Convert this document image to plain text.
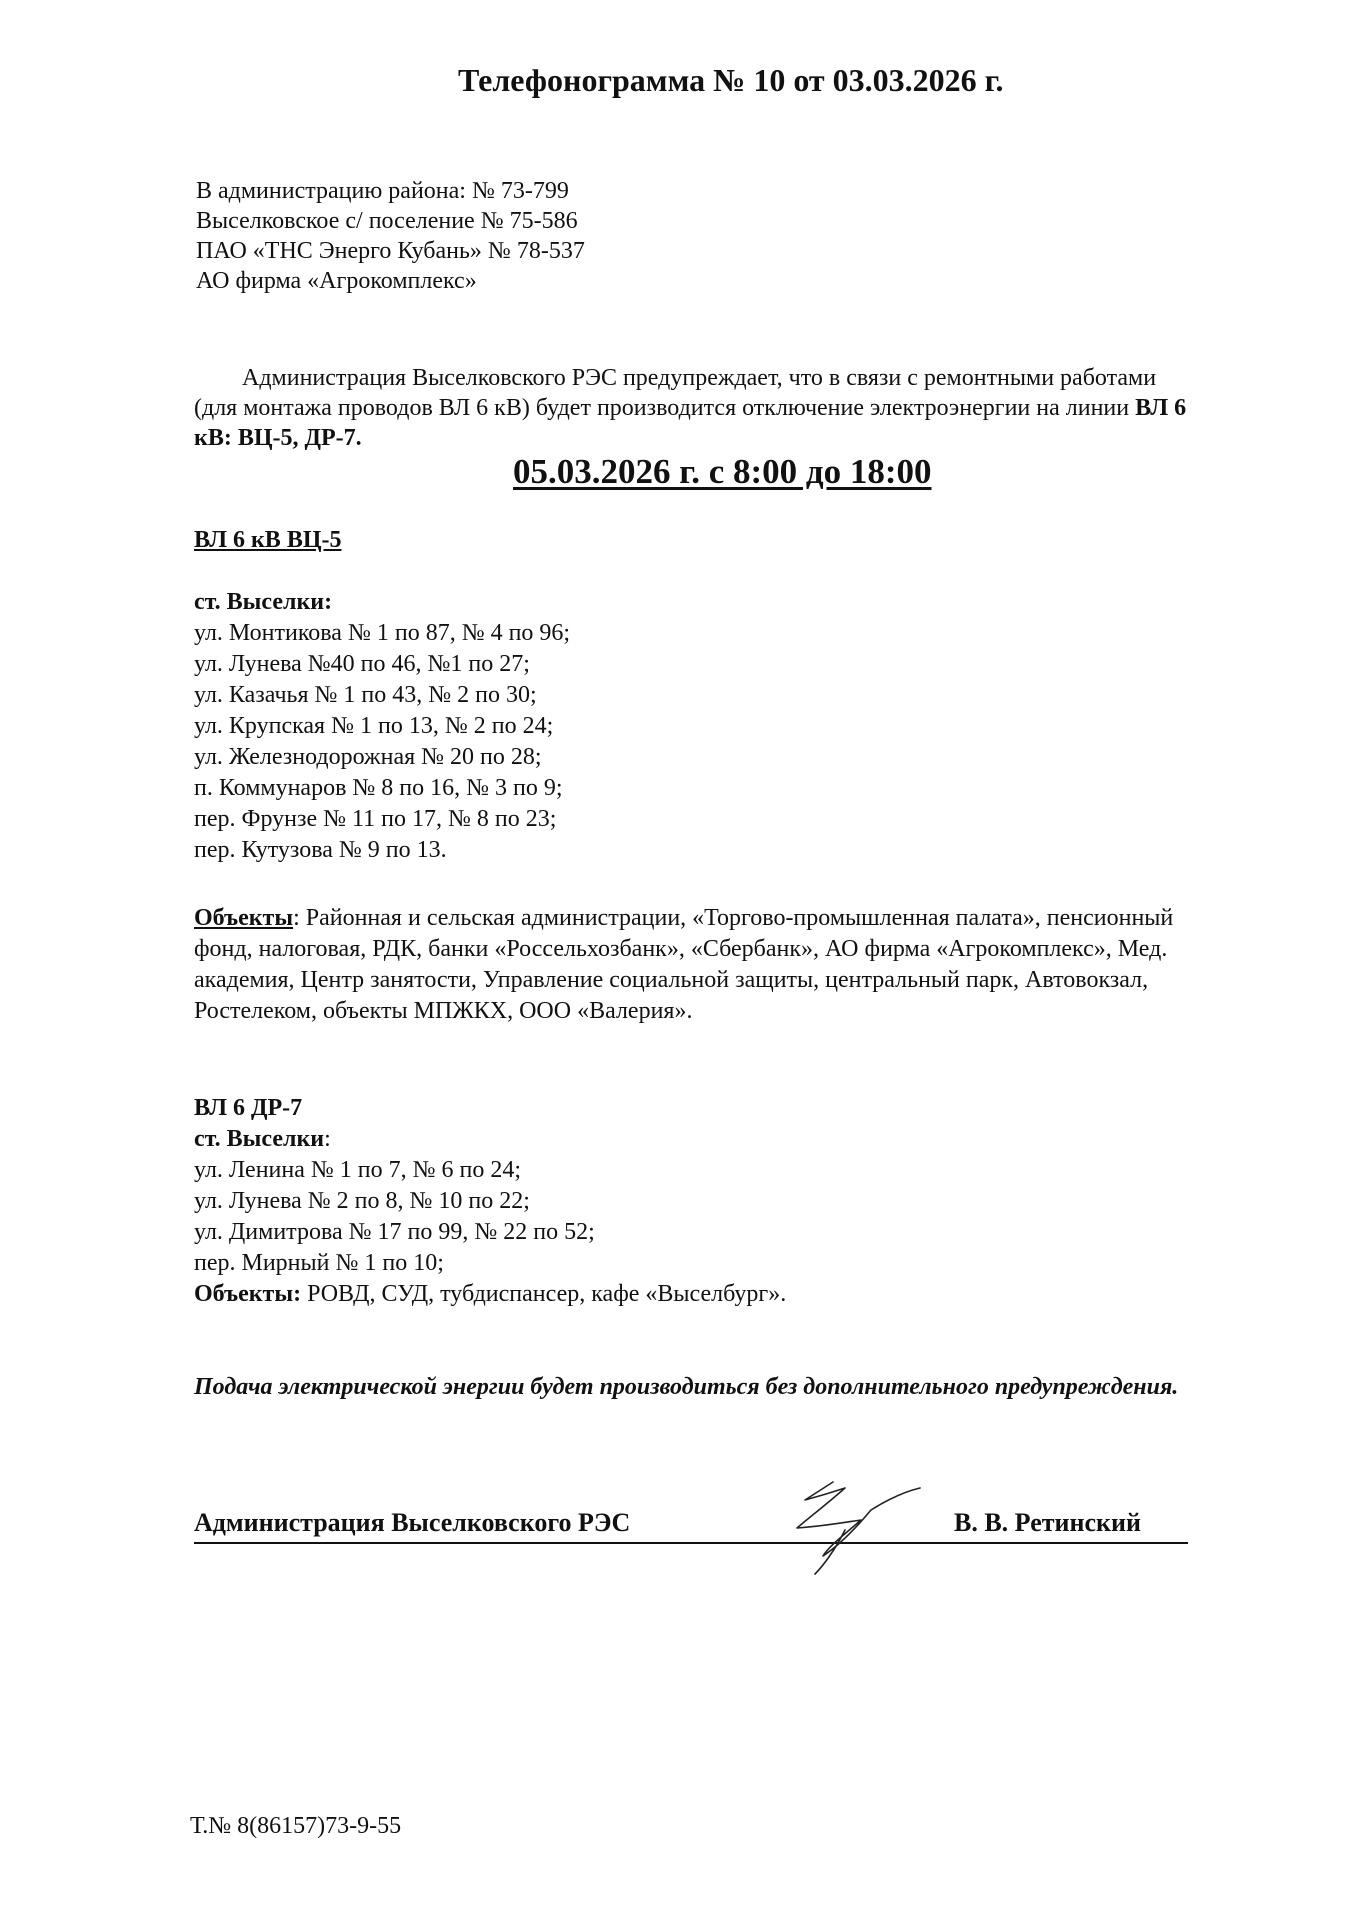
Телефонограмма № 10 от 03.03.2026 г.
В администрацию района: № 73-799
Выселковское с/ поселение № 75-586
ПАО «ТНС Энерго Кубань» № 78-537
АО фирма «Агрокомплекс»
Администрация Выселковского РЭС предупреждает, что в связи с ремонтными работами (для монтажа проводов ВЛ 6 кВ) будет производится отключение электроэнергии на линии ВЛ 6 кВ: ВЦ-5, ДР-7.
05.03.2026 г. с 8:00 до 18:00
ВЛ 6 кВ ВЦ-5
ст. Выселки:
ул. Монтикова № 1 по 87, № 4 по 96;
ул. Лунева №40 по 46, №1 по 27;
ул. Казачья № 1 по 43, № 2 по 30;
ул. Крупская № 1 по 13, № 2 по 24;
ул. Железнодорожная № 20 по 28;
п. Коммунаров № 8 по 16, № 3 по 9;
пер. Фрунзе № 11 по 17, № 8 по 23;
пер. Кутузова № 9 по 13.
Объекты: Районная и сельская администрации, «Торгово-промышленная палата», пенсионный фонд, налоговая, РДК, банки «Россельхозбанк», «Сбербанк», АО фирма «Агрокомплекс», Мед. академия, Центр занятости, Управление социальной защиты, центральный парк, Автовокзал, Ростелеком, объекты МПЖКХ, ООО «Валерия».
ВЛ 6 ДР-7
ст. Выселки:
ул. Ленина № 1 по 7, № 6 по 24;
ул. Лунева № 2 по 8, № 10 по 22;
ул. Димитрова № 17 по 99, № 22 по 52;
пер. Мирный № 1 по 10;
Объекты: РОВД, СУД, тубдиспансер, кафе «Выселбург».
Подача электрической энергии будет производиться без дополнительного предупреждения.
Администрация Выселковского РЭС	В. В. Ретинский
Т.№ 8(86157)73-9-55
